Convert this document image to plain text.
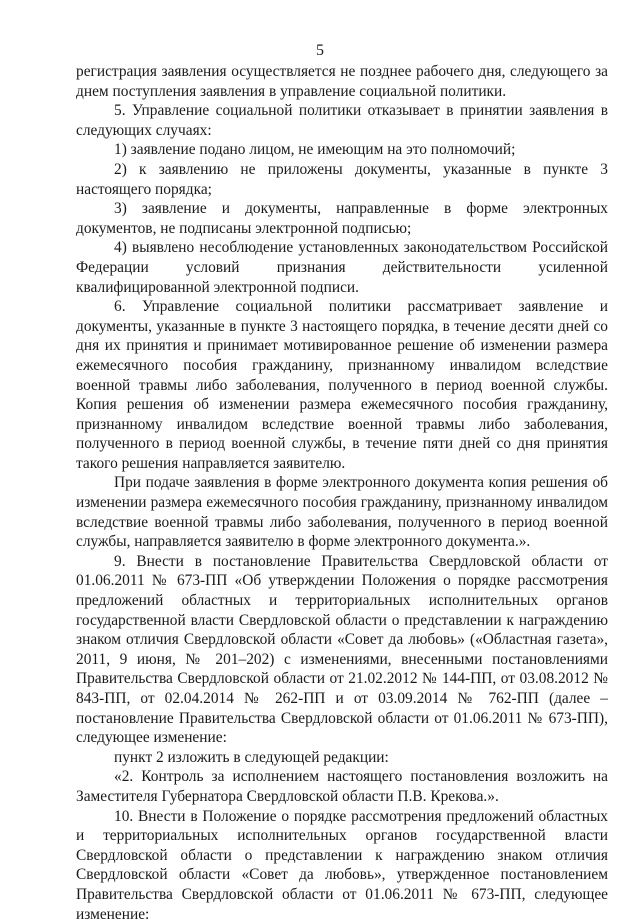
5

регистрация заявления осуществляется не позднее рабочего дня, следующего за днем поступления заявления в управление социальной политики.

5. Управление социальной политики отказывает в принятии заявления в следующих случаях:

1) заявление подано лицом, не имеющим на это полномочий;

2) к заявлению не приложены документы, указанные в пункте 3 настоящего порядка;

3) заявление и документы, направленные в форме электронных документов, не подписаны электронной подписью;

4) выявлено несоблюдение установленных законодательством Российской Федерации условий признания действительности усиленной квалифицированной электронной подписи.

6. Управление социальной политики рассматривает заявление и документы, указанные в пункте 3 настоящего порядка, в течение десяти дней со дня их принятия и принимает мотивированное решение об изменении размера ежемесячного пособия гражданину, признанному инвалидом вследствие военной травмы либо заболевания, полученного в период военной службы. Копия решения об изменении размера ежемесячного пособия гражданину, признанному инвалидом вследствие военной травмы либо заболевания, полученного в период военной службы, в течение пяти дней со дня принятия такого решения направляется заявителю.

При подаче заявления в форме электронного документа копия решения об изменении размера ежемесячного пособия гражданину, признанному инвалидом вследствие военной травмы либо заболевания, полученного в период военной службы, направляется заявителю в форме электронного документа.».

9. Внести в постановление Правительства Свердловской области от 01.06.2011 № 673-ПП «Об утверждении Положения о порядке рассмотрения предложений областных и территориальных исполнительных органов государственной власти Свердловской области о представлении к награждению знаком отличия Свердловской области «Совет да любовь» («Областная газета», 2011, 9 июня, № 201–202) с изменениями, внесенными постановлениями Правительства Свердловской области от 21.02.2012 № 144-ПП, от 03.08.2012 № 843-ПП, от 02.04.2014 № 262-ПП и от 03.09.2014 № 762-ПП (далее – постановление Правительства Свердловской области от 01.06.2011 № 673-ПП), следующее изменение:

пункт 2 изложить в следующей редакции:

«2. Контроль за исполнением настоящего постановления возложить на Заместителя Губернатора Свердловской области П.В. Крекова.».

10. Внести в Положение о порядке рассмотрения предложений областных и территориальных исполнительных органов государственной власти Свердловской области о представлении к награждению знаком отличия Свердловской области «Совет да любовь», утвержденное постановлением Правительства Свердловской области от 01.06.2011 № 673-ПП, следующее изменение:
